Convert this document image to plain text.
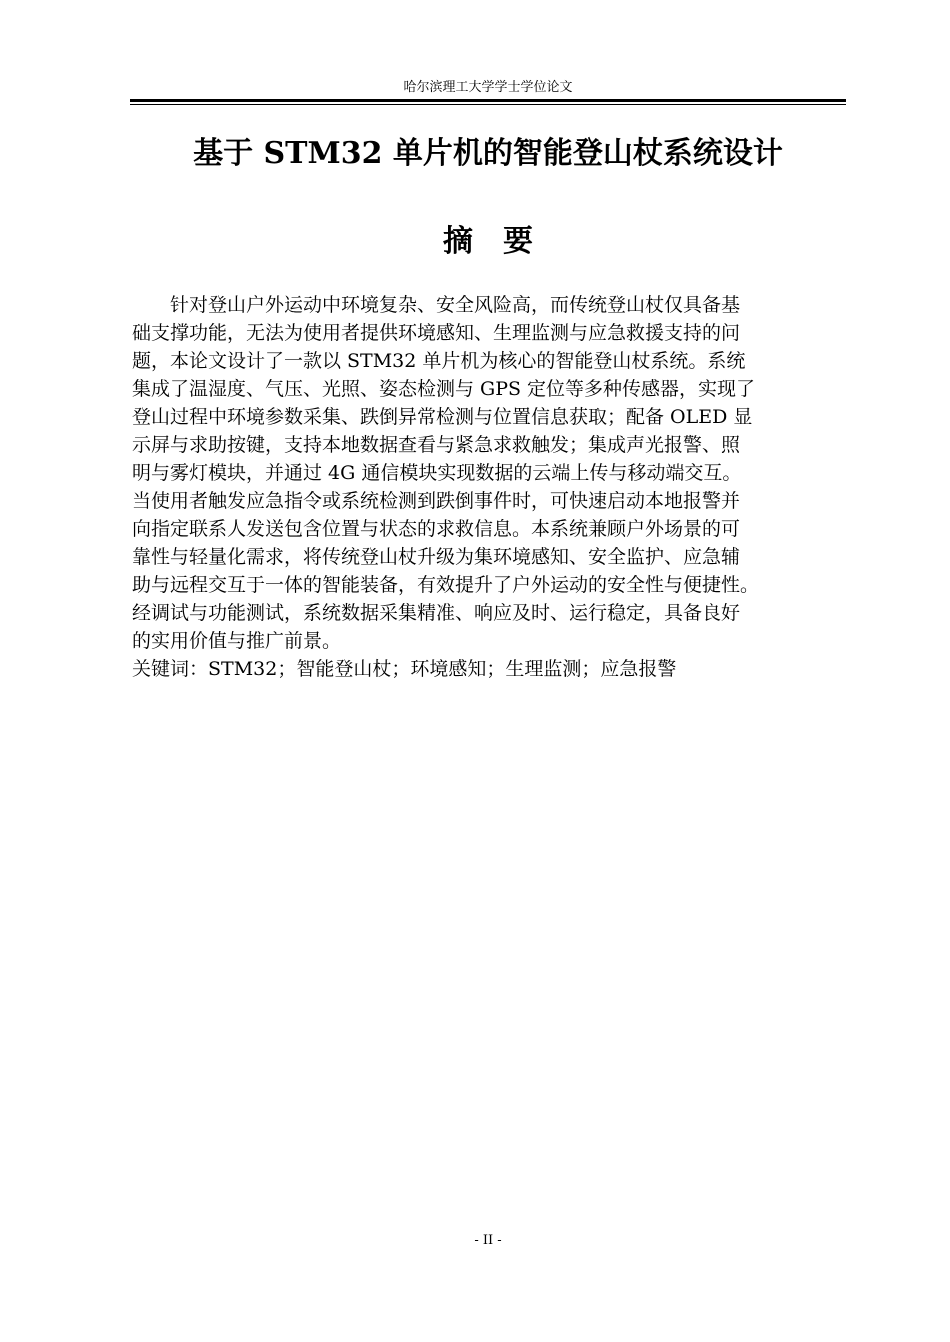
哈尔滨理工大学学士学位论文
基于 STM32 单片机的智能登山杖系统设计
摘　要

针对登山户外运动中环境复杂、安全风险高，而传统登山杖仅具备基
础支撑功能，无法为使用者提供环境感知、生理监测与应急救援支持的问
题，本论文设计了一款以 STM32 单片机为核心的智能登山杖系统。系统
集成了温湿度、气压、光照、姿态检测与 GPS 定位等多种传感器，实现了
登山过程中环境参数采集、跌倒异常检测与位置信息获取；配备 OLED 显
示屏与求助按键，支持本地数据查看与紧急求救触发；集成声光报警、照
明与雾灯模块，并通过 4G 通信模块实现数据的云端上传与移动端交互。
当使用者触发应急指令或系统检测到跌倒事件时，可快速启动本地报警并
向指定联系人发送包含位置与状态的求救信息。本系统兼顾户外场景的可
靠性与轻量化需求，将传统登山杖升级为集环境感知、安全监护、应急辅
助与远程交互于一体的智能装备，有效提升了户外运动的安全性与便捷性。
经调试与功能测试，系统数据采集精准、响应及时、运行稳定，具备良好
的实用价值与推广前景。

关键词：STM32；智能登山杖；环境感知；生理监测；应急报警

- II -
